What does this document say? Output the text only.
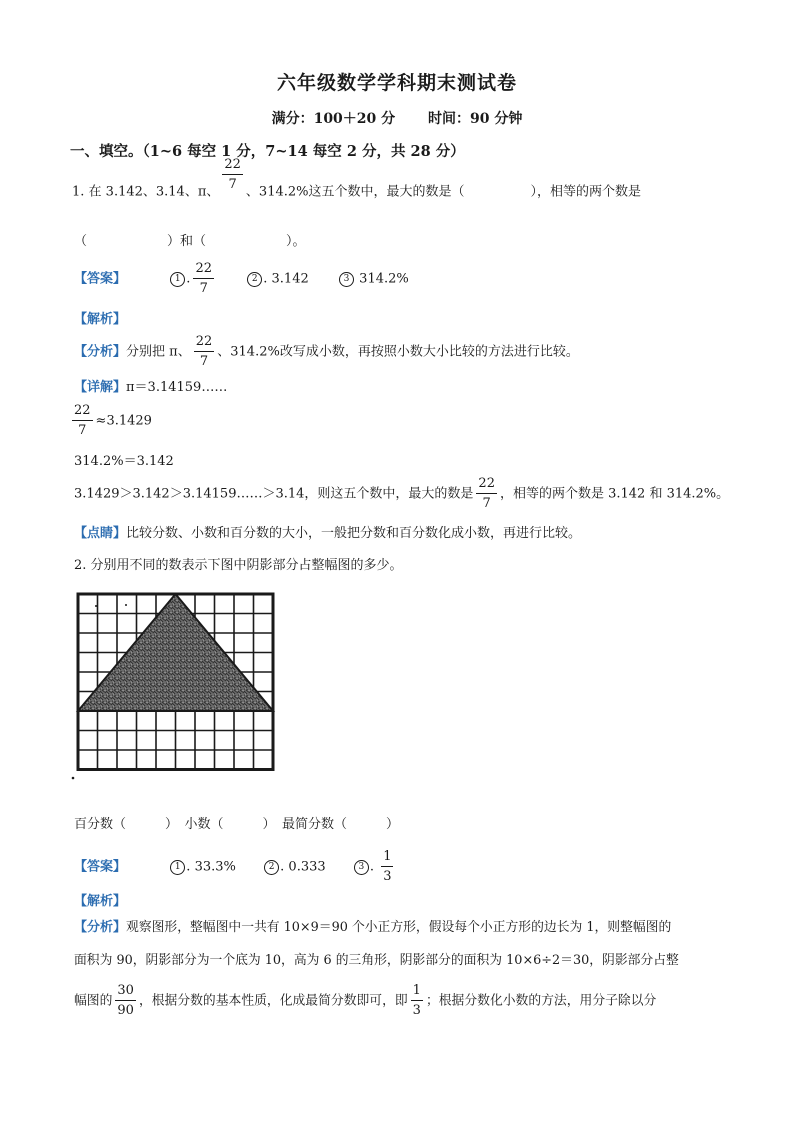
六年级数学学科期末测试卷
满分：100＋20 分 时间：90 分钟
一、填空。（1~6 每空 1 分，7~14 每空 2 分，共 28 分）
1. 在 3.142、3.14、π、 $\frac{22}{7}$ 、314.2%这五个数中，最大的数是（	），相等的两个数是
（	）和（	）。
【答案】	1 . $\frac{22}{7}$	2 . 3.142	3 314.2%
【解析】
【分析】分别把 π、 $\frac{22}{7}$ 、314.2%改写成小数，再按照小数大小比较的方法进行比较。
【详解】π＝3.14159……
$\frac{22}{7} \approx 3.1429$
314.2%＝3.142
3.1429＞3.142＞3.14159……＞3.14，则这五个数中，最大的数是 $\frac{22}{7}$ ，相等的两个数是 3.142 和 314.2%。
【点睛】比较分数、小数和百分数的大小，一般把分数和百分数化成小数，再进行比较。
2. 分别用不同的数表示下图中阴影部分占整幅图的多少。
百分数（　　　）　小数（　　　）　最简分数（　　　）
【答案】	1 . 33.3%	2 . 0.333	3 . $\frac{1}{3}$
【解析】
【分析】观察图形，整幅图中一共有 10×9＝90 个小正方形，假设每个小正方形的边长为 1，则整幅图的
面积为 90，阴影部分为一个底为 10，高为 6 的三角形，阴影部分的面积为 10×6÷2＝30，阴影部分占整
幅图的 $\frac{30}{90}$ ，根据分数的基本性质，化成最简分数即可，即 $\frac{1}{3}$ ；根据分数化小数的方法，用分子除以分
